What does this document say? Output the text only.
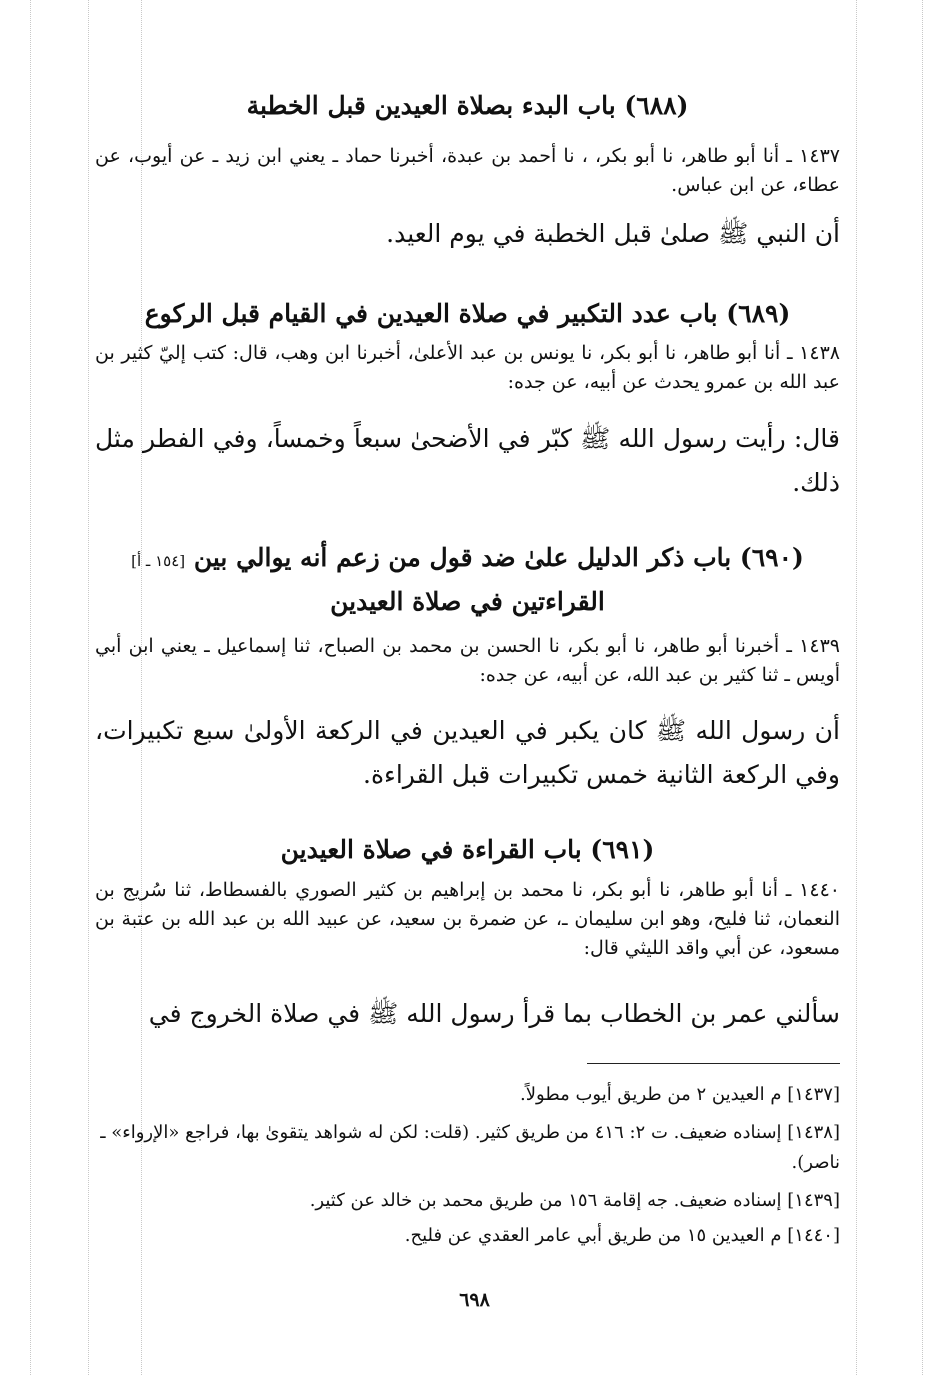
(٦٨٨) باب البدء بصلاة العيدين قبل الخطبة
١٤٣٧ ـ أنا أبو طاهر، نا أبو بكر، ، نا أحمد بن عبدة، أخبرنا حماد ـ يعني ابن زيد ـ عن أيوب، عن عطاء، عن ابن عباس.
أن النبي ﷺ صلىٰ قبل الخطبة في يوم العيد.
(٦٨٩) باب عدد التكبير في صلاة العيدين في القيام قبل الركوع
١٤٣٨ ـ أنا أبو طاهر، نا أبو بكر، نا يونس بن عبد الأعلىٰ، أخبرنا ابن وهب، قال: كتب إليّ كثير بن عبد الله بن عمرو يحدث عن أبيه، عن جده:
قال: رأيت رسول الله ﷺ كبّر في الأضحىٰ سبعاً وخمساً، وفي الفطر مثل ذلك.
(٦٩٠) باب ذكر الدليل علىٰ ضد قول من زعم أنه يوالي بين [١٥٤ ـ أ]
القراءتين في صلاة العيدين
١٤٣٩ ـ أخبرنا أبو طاهر، نا أبو بكر، نا الحسن بن محمد بن الصباح، ثنا إسماعيل ـ يعني ابن أبي أويس ـ ثنا كثير بن عبد الله، عن أبيه، عن جده:
أن رسول الله ﷺ كان يكبر في العيدين في الركعة الأولىٰ سبع تكبيرات، وفي الركعة الثانية خمس تكبيرات قبل القراءة.
(٦٩١) باب القراءة في صلاة العيدين
١٤٤٠ ـ أنا أبو طاهر، نا أبو بكر، نا محمد بن إبراهيم بن كثير الصوري بالفسطاط، ثنا سُريج بن النعمان، ثنا فليح، وهو ابن سليمان ـ، عن ضمرة بن سعيد، عن عبيد الله بن عبد الله بن عتبة بن مسعود، عن أبي واقد الليثي قال:
سألني عمر بن الخطاب بما قرأ رسول الله ﷺ في صلاة الخروج في
[١٤٣٧] م العيدين ٢ من طريق أيوب مطولاً.
[١٤٣٨] إسناده ضعيف. ت ٢: ٤١٦ من طريق كثير. (قلت: لكن له شواهد يتقوىٰ بها، فراجع «الإرواء» ـ ناصر).
[١٤٣٩] إسناده ضعيف. جه إقامة ١٥٦ من طريق محمد بن خالد عن كثير.
[١٤٤٠] م العيدين ١٥ من طريق أبي عامر العقدي عن فليح.
٦٩٨
